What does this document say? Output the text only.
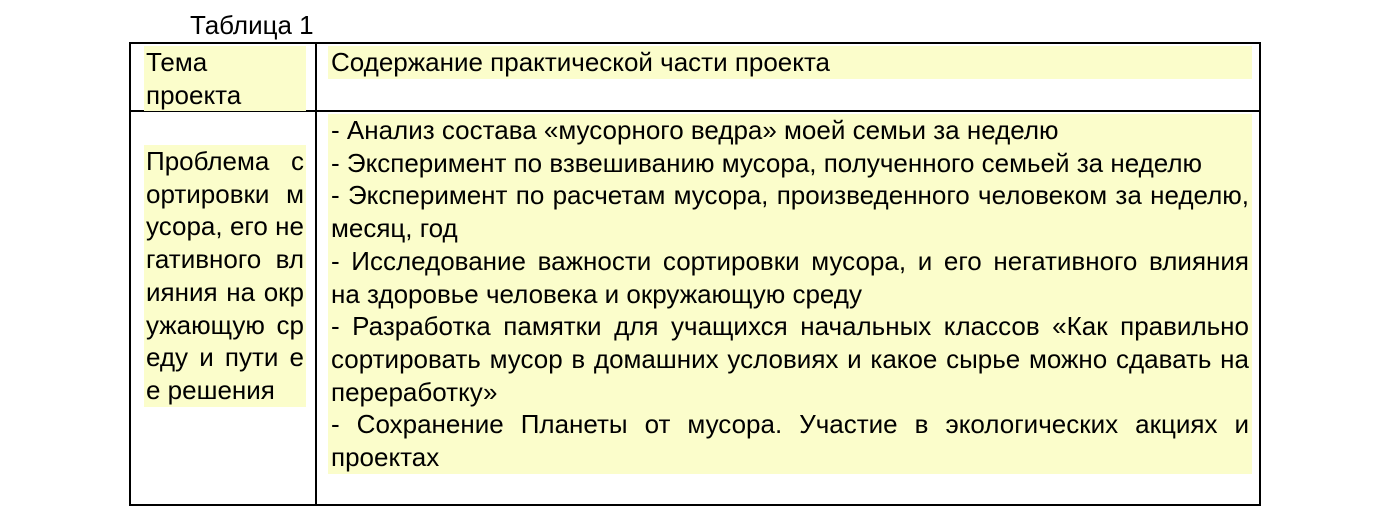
Таблица 1
Тема проекта
Содержание практической части проекта
Проблема сортировки мусора, его негативного влияния на окружающую среду и пути ее решения
- Анализ состава «мусорного ведра» моей семьи за неделю
- Эксперимент по взвешиванию мусора, полученного семьей за неделю
- Эксперимент по расчетам мусора, произведенного человеком за неделю, месяц, год
- Исследование важности сортировки мусора, и его негативного влияния на здоровье человека и окружающую среду
- Разработка памятки для учащихся начальных классов «Как правильно сортировать мусор в домашних условиях и какое сырье можно сдавать на переработку»
- Сохранение Планеты от мусора. Участие в экологических акциях и проектах
